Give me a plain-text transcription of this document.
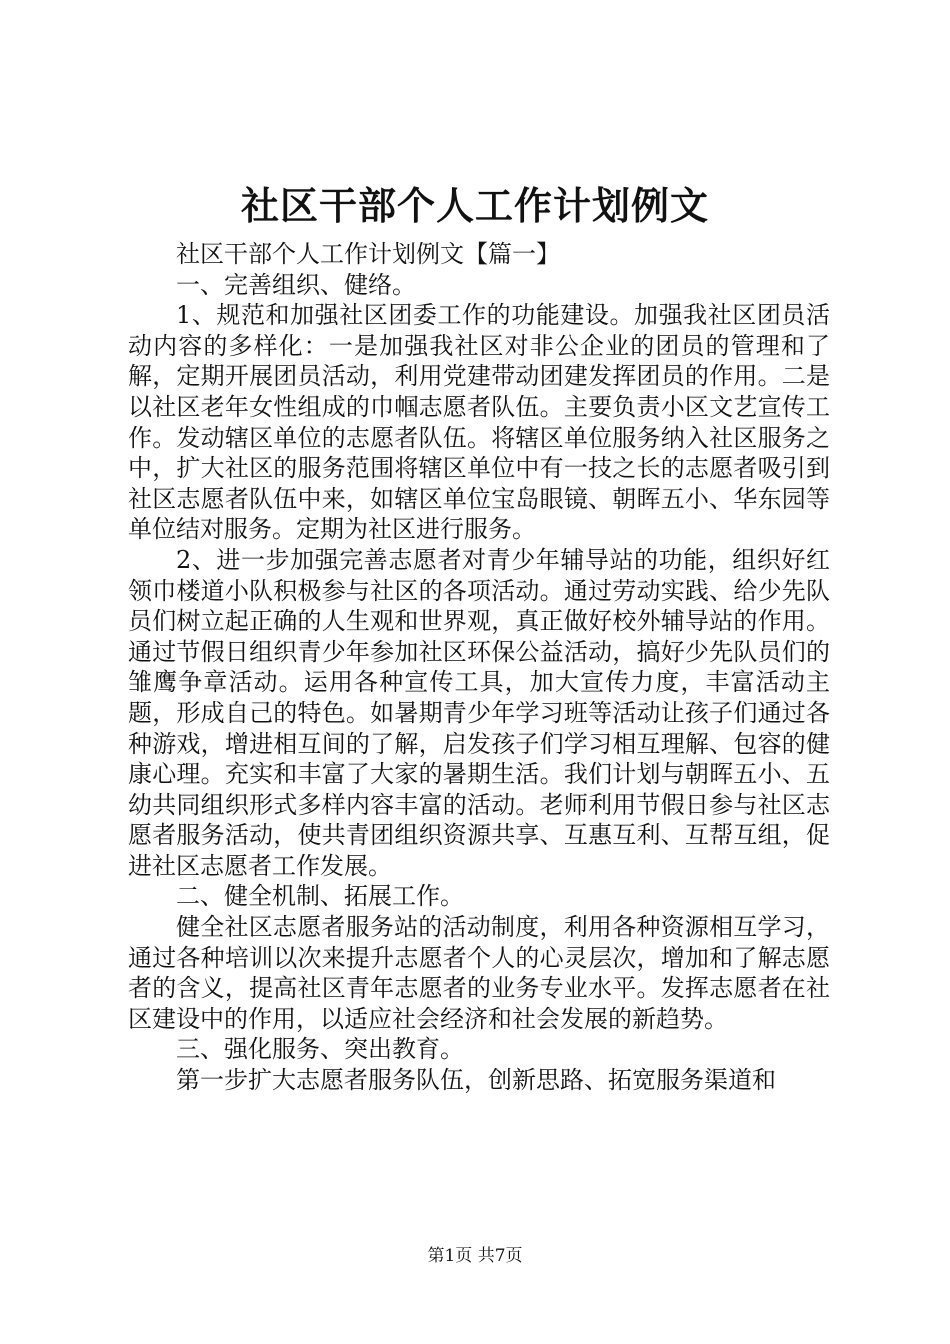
社区干部个人工作计划例文

社区干部个人工作计划例文【篇一】

一、完善组织、健络。

1、规范和加强社区团委工作的功能建设。加强我社区团员活动内容的多样化：一是加强我社区对非公企业的团员的管理和了解，定期开展团员活动，利用党建带动团建发挥团员的作用。二是以社区老年女性组成的巾帼志愿者队伍。主要负责小区文艺宣传工作。发动辖区单位的志愿者队伍。将辖区单位服务纳入社区服务之中，扩大社区的服务范围将辖区单位中有一技之长的志愿者吸引到社区志愿者队伍中来，如辖区单位宝岛眼镜、朝晖五小、华东园等单位结对服务。定期为社区进行服务。

2、进一步加强完善志愿者对青少年辅导站的功能，组织好红领巾楼道小队积极参与社区的各项活动。通过劳动实践、给少先队员们树立起正确的人生观和世界观，真正做好校外辅导站的作用。通过节假日组织青少年参加社区环保公益活动，搞好少先队员们的雏鹰争章活动。运用各种宣传工具，加大宣传力度，丰富活动主题，形成自己的特色。如暑期青少年学习班等活动让孩子们通过各种游戏，增进相互间的了解，启发孩子们学习相互理解、包容的健康心理。充实和丰富了大家的暑期生活。我们计划与朝晖五小、五幼共同组织形式多样内容丰富的活动。老师利用节假日参与社区志愿者服务活动，使共青团组织资源共享、互惠互利、互帮互组，促进社区志愿者工作发展。

二、健全机制、拓展工作。

健全社区志愿者服务站的活动制度，利用各种资源相互学习，通过各种培训以次来提升志愿者个人的心灵层次，增加和了解志愿者的含义，提高社区青年志愿者的业务专业水平。发挥志愿者在社区建设中的作用，以适应社会经济和社会发展的新趋势。

三、强化服务、突出教育。

第一步扩大志愿者服务队伍，创新思路、拓宽服务渠道和

第1页 共7页
